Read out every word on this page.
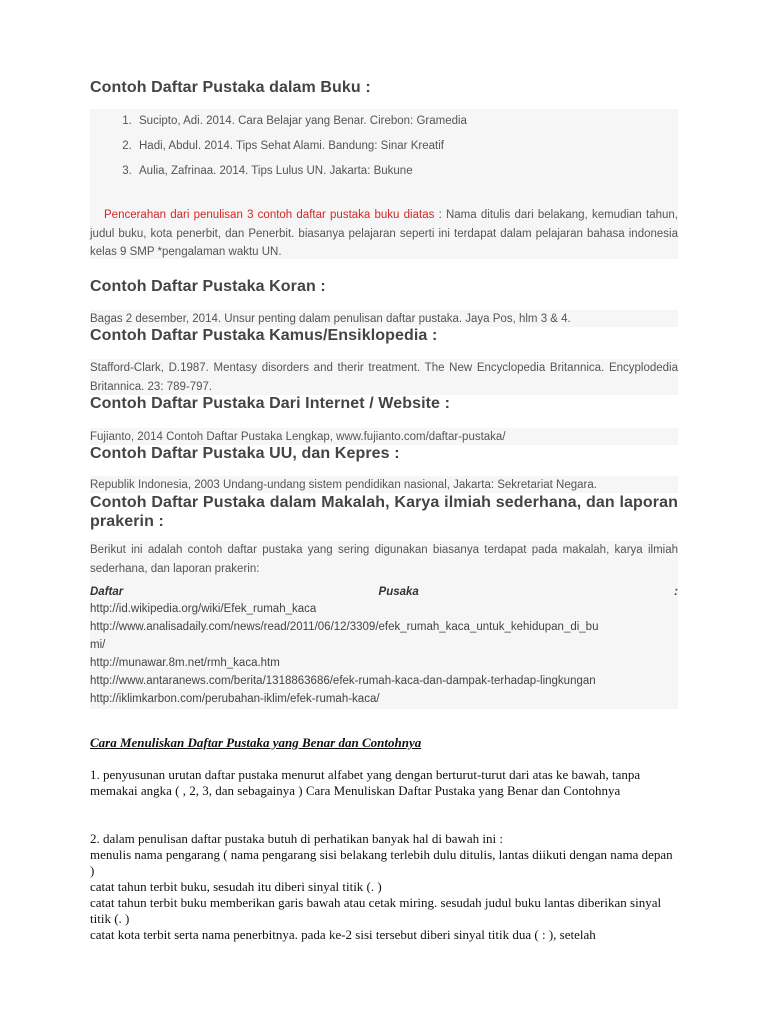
Contoh Daftar Pustaka dalam Buku :
1. Sucipto, Adi. 2014. Cara Belajar yang Benar. Cirebon: Gramedia
2. Hadi, Abdul. 2014. Tips Sehat Alami. Bandung: Sinar Kreatif
3. Aulia, Zafrinaa. 2014. Tips Lulus UN. Jakarta: Bukune
Pencerahan dari penulisan 3 contoh daftar pustaka buku diatas : Nama ditulis dari belakang, kemudian tahun, judul buku, kota penerbit, dan Penerbit. biasanya pelajaran seperti ini terdapat dalam pelajaran bahasa indonesia kelas 9 SMP *pengalaman waktu UN.
Contoh Daftar Pustaka Koran :
Bagas 2 desember, 2014. Unsur penting dalam penulisan daftar pustaka. Jaya Pos, hlm 3 & 4.
Contoh Daftar Pustaka Kamus/Ensiklopedia :
Stafford-Clark, D.1987. Mentasy disorders and therir treatment. The New Encyclopedia Britannica. Encyplodedia Britannica. 23: 789-797.
Contoh Daftar Pustaka Dari Internet / Website :
Fujianto, 2014 Contoh Daftar Pustaka Lengkap, www.fujianto.com/daftar-pustaka/
Contoh Daftar Pustaka UU, dan Kepres :
Republik Indonesia, 2003 Undang-undang sistem pendidikan nasional, Jakarta: Sekretariat Negara.
Contoh Daftar Pustaka dalam Makalah, Karya ilmiah sederhana, dan laporan prakerin :
Berikut ini adalah contoh daftar pustaka yang sering digunakan biasanya terdapat pada makalah, karya ilmiah sederhana, dan laporan prakerin:
Daftar	Pusaka	:
http://id.wikipedia.org/wiki/Efek_rumah_kaca
http://www.analisadaily.com/news/read/2011/06/12/3309/efek_rumah_kaca_untuk_kehidupan_di_bu
mi/
http://munawar.8m.net/rmh_kaca.htm
http://www.antaranews.com/berita/1318863686/efek-rumah-kaca-dan-dampak-terhadap-lingkungan
http://iklimkarbon.com/perubahan-iklim/efek-rumah-kaca/
Cara Menuliskan Daftar Pustaka yang Benar dan Contohnya
1. penyusunan urutan daftar pustaka menurut alfabet yang dengan berturut-turut dari atas ke bawah, tanpa memakai angka ( , 2, 3, dan sebagainya ) Cara Menuliskan Daftar Pustaka yang Benar dan Contohnya
2. dalam penulisan daftar pustaka butuh di perhatikan banyak hal di bawah ini :
menulis nama pengarang ( nama pengarang sisi belakang terlebih dulu ditulis, lantas diikuti dengan nama depan )
catat tahun terbit buku, sesudah itu diberi sinyal titik (. )
catat tahun terbit buku memberikan garis bawah atau cetak miring. sesudah judul buku lantas diberikan sinyal titik (. )
catat kota terbit serta nama penerbitnya. pada ke-2 sisi tersebut diberi sinyal titik dua ( : ), setelah
